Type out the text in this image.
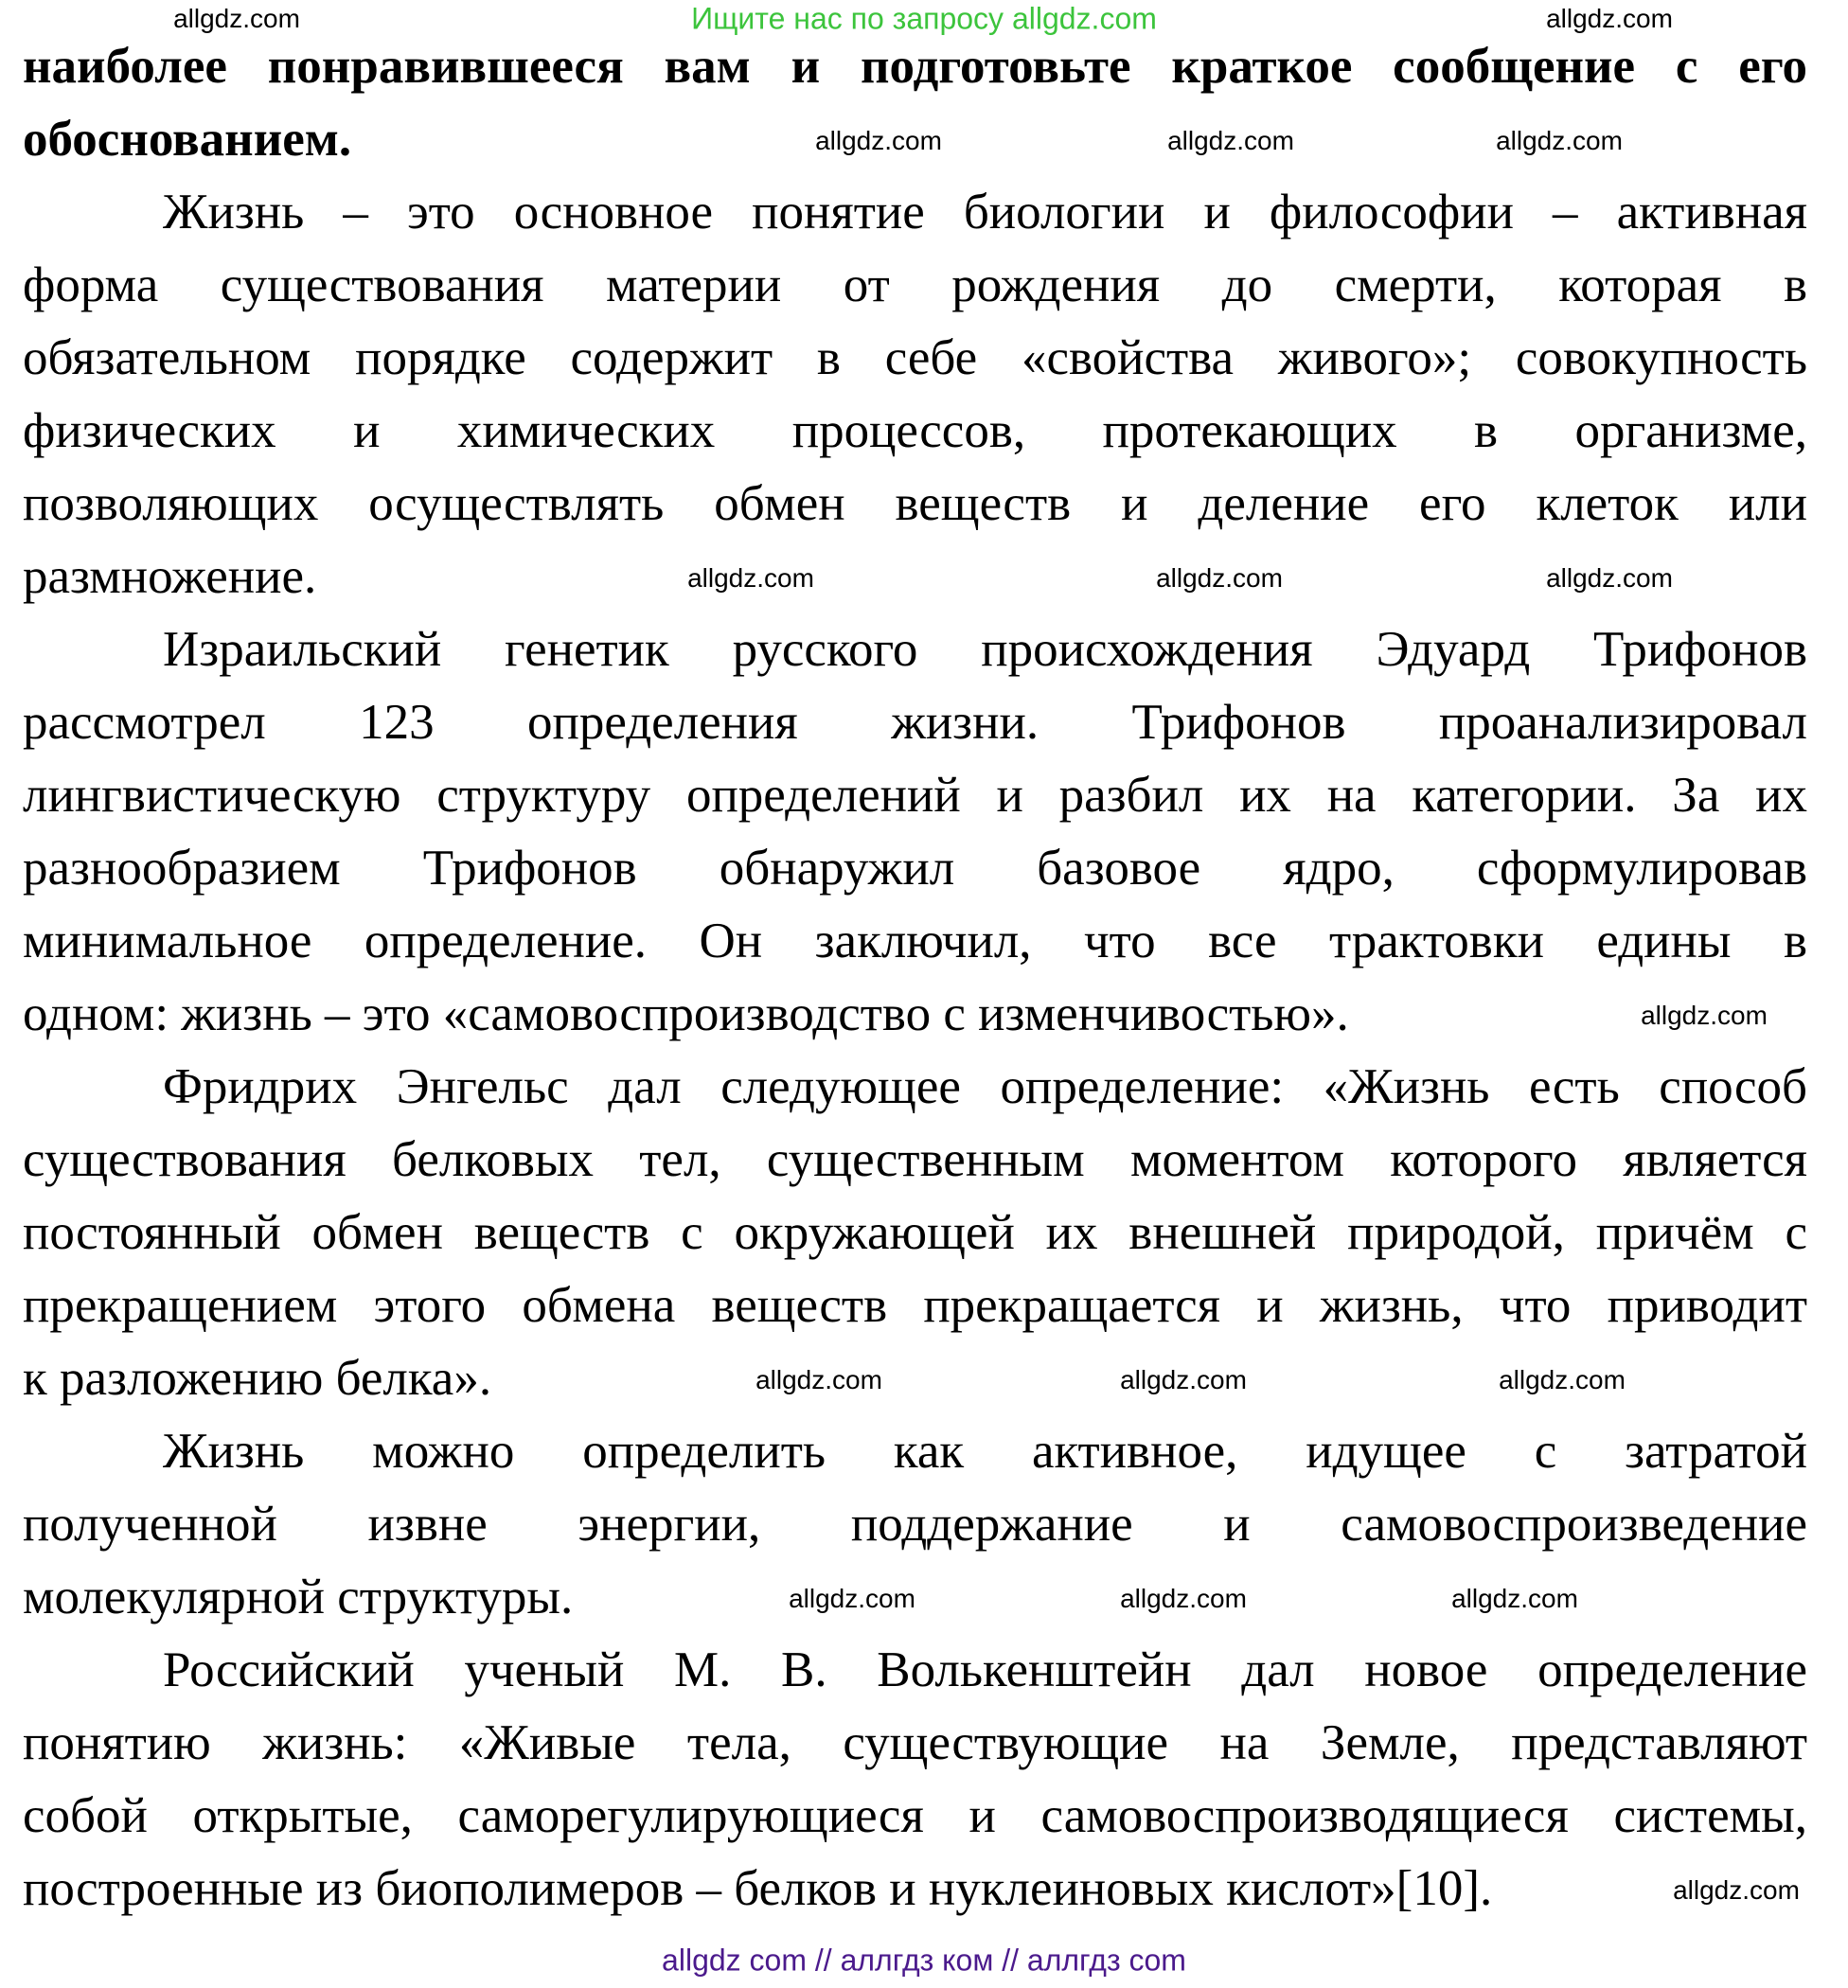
Ищите нас по запросу allgdz.com
наиболее понравившееся вам и подготовьте краткое сообщение с его
обоснованием.
Жизнь – это основное понятие биологии и философии – активная
форма существования материи от рождения до смерти, которая в
обязательном порядке содержит в себе «свойства живого»; совокупность
физических и химических процессов, протекающих в организме,
позволяющих осуществлять обмен веществ и деление его клеток или
размножение.
Израильский генетик русского происхождения Эдуард Трифонов
рассмотрел 123 определения жизни. Трифонов проанализировал
лингвистическую структуру определений и разбил их на категории. За их
разнообразием Трифонов обнаружил базовое ядро, сформулировав
минимальное определение. Он заключил, что все трактовки едины в
одном: жизнь – это «самовоспроизводство с изменчивостью».
Фридрих Энгельс дал следующее определение: «Жизнь есть способ
существования белковых тел, существенным моментом которого является
постоянный обмен веществ с окружающей их внешней природой, причём с
прекращением этого обмена веществ прекращается и жизнь, что приводит
к разложению белка».
Жизнь можно определить как активное, идущее с затратой
полученной извне энергии, поддержание и самовоспроизведение
молекулярной структуры.
Российский ученый М. В. Волькенштейн дал новое определение
понятию жизнь: «Живые тела, существующие на Земле, представляют
собой открытые, саморегулирующиеся и самовоспроизводящиеся системы,
построенные из биополимеров – белков и нуклеиновых кислот»[10].
allgdz.com	allgdz.com
allgdz.com	allgdz.com	allgdz.com
allgdz.com	allgdz.com	allgdz.com
allgdz.com
allgdz.com	allgdz.com	allgdz.com
allgdz.com	allgdz.com	allgdz.com
allgdz.com
allgdz com // аллгдз ком // аллгдз com
